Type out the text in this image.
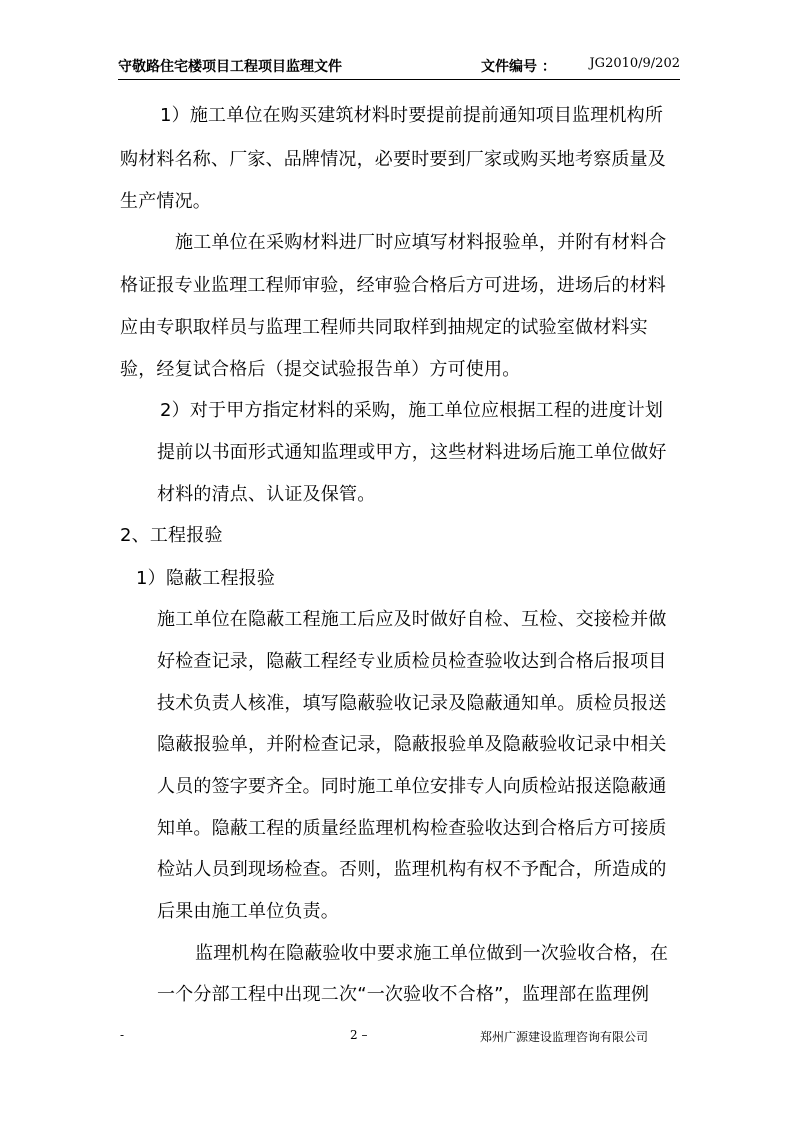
守敬路住宅楼项目工程项目监理文件	文件编号 ：	JG2010/9/202
1）施工单位在购买建筑材料时要提前提前通知项目监理机构所
购材料名称、厂家、品牌情况，必要时要到厂家或购买地考察质量及
生产情况。
施工单位在采购材料进厂时应填写材料报验单，并附有材料合
格证报专业监理工程师审验，经审验合格后方可进场，进场后的材料
应由专职取样员与监理工程师共同取样到抽规定的试验室做材料实
验，经复试合格后（提交试验报告单）方可使用。
2）对于甲方指定材料的采购，施工单位应根据工程的进度计划
提前以书面形式通知监理或甲方，这些材料进场后施工单位做好
材料的清点、认证及保管。
2、工程报验
1）隐蔽工程报验
施工单位在隐蔽工程施工后应及时做好自检、互检、交接检并做
好检查记录，隐蔽工程经专业质检员检查验收达到合格后报项目
技术负责人核准，填写隐蔽验收记录及隐蔽通知单。质检员报送
隐蔽报验单，并附检查记录，隐蔽报验单及隐蔽验收记录中相关
人员的签字要齐全。同时施工单位安排专人向质检站报送隐蔽通
知单。隐蔽工程的质量经监理机构检查验收达到合格后方可接质
检站人员到现场检查。否则，监理机构有权不予配合，所造成的
后果由施工单位负责。
监理机构在隐蔽验收中要求施工单位做到一次验收合格，在
一个分部工程中出现二次“一次验收不合格”，监理部在监理例
-	2 –	郑州广源建设监理咨询有限公司
